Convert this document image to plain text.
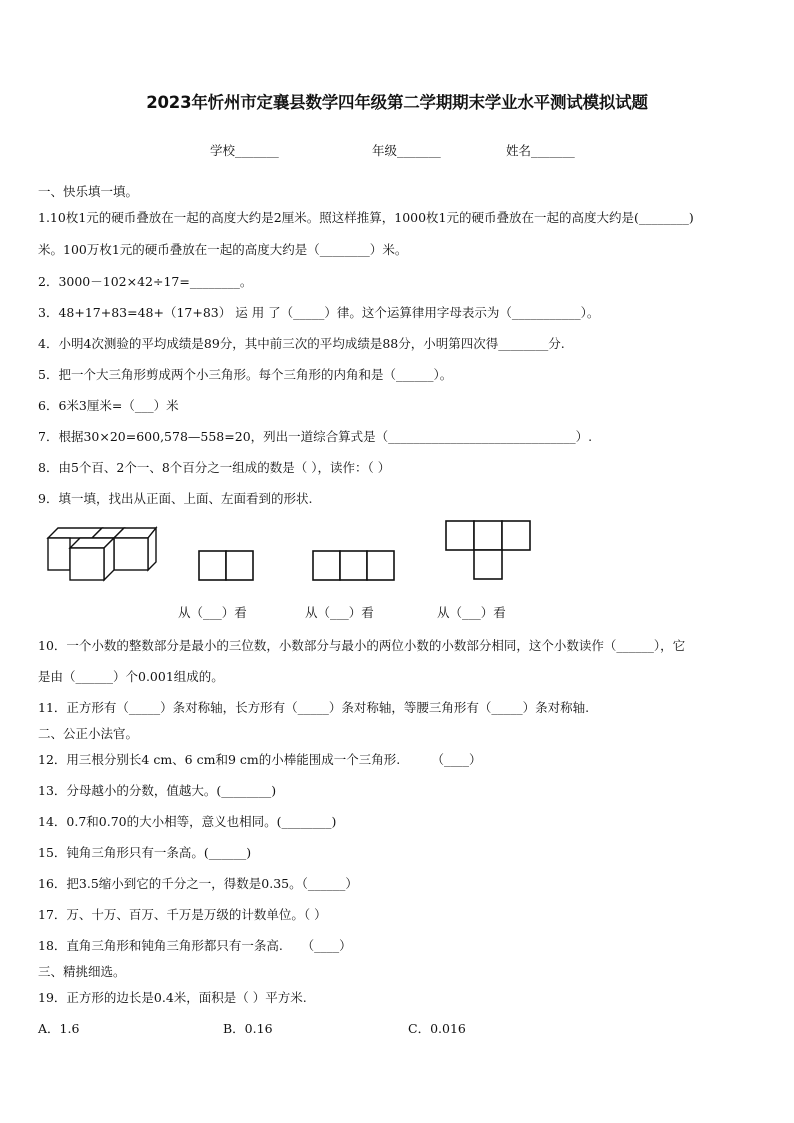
2023年忻州市定襄县数学四年级第二学期期末学业水平测试模拟试题
学校_______	年级_______	姓名_______
一、快乐填一填。
1.10枚1元的硬币叠放在一起的高度大约是2厘米。照这样推算，1000枚1元的硬币叠放在一起的高度大约是(________)
米。100万枚1元的硬币叠放在一起的高度大约是（________）米。
2．3000－102×42÷17=________。
3．48+17+83=48+（17+83） 运 用 了（_____）律。这个运算律用字母表示为（___________）。
4．小明4次测验的平均成绩是89分，其中前三次的平均成绩是88分，小明第四次得________分.
5．把一个大三角形剪成两个小三角形。每个三角形的内角和是（______）。
6．6米3厘米=（___）米
7．根据30×20=600,578—558=20，列出一道综合算式是（______________________________）.
8．由5个百、2个一、8个百分之一组成的数是（ ），读作：（ ）
9．填一填，找出从正面、上面、左面看到的形状.
从（___）看	从（___）看	从（___）看
10．一个小数的整数部分是最小的三位数，小数部分与最小的两位小数的小数部分相同，这个小数读作（______），它
是由（______）个0.001组成的。
11．正方形有（_____）条对称轴，长方形有（_____）条对称轴，等腰三角形有（_____）条对称轴.
二、公正小法官。
12．用三根分别长4 cm、6 cm和9 cm的小棒能围成一个三角形.　　　（____）
13．分母越小的分数，值越大。(________)
14．0.7和0.70的大小相等，意义也相同。(________)
15．钝角三角形只有一条高。(______)
16．把3.5缩小到它的千分之一，得数是0.35。（______）
17．万、十万、百万、千万是万级的计数单位。（ ）
18．直角三角形和钝角三角形都只有一条高.　　（____）
三、精挑细选。
19．正方形的边长是0.4米，面积是（ ）平方米.
A．1.6	B．0.16	C．0.016
